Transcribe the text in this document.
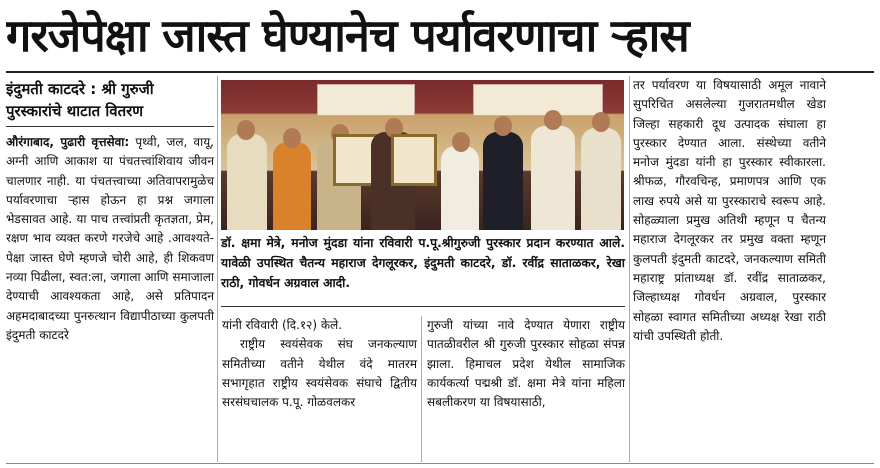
गरजेपेक्षा जास्त घेण्यानेच पर्यावरणाचा ऱ्हास
इंदुमती काटदरे : श्री गुरुजी पुरस्कारांचे थाटात वितरण

औरंगाबाद, पुढारी वृत्तसेवा: पृथ्वी, जल, वायू, अग्नी आणि आकाश या पंचतत्त्वांशिवाय जीवन चालणार नाही. या पंचतत्त्वाच्या अतिवापरामुळेच पर्यावरणाचा ऱ्हास होऊन हा प्रश्न जगाला भेडसावत आहे. या पाच तत्त्वांप्रती कृतज्ञता, प्रेम, रक्षण भाव व्यक्त करणे गरजेचे आहे .आवश्यते-पेक्षा जास्त घेणे म्हणजे चोरी आहे, ही शिकवण नव्या पिढीला, स्वत:ला, जगाला आणि समाजाला देण्याची आवश्यकता आहे, असे प्रतिपादन अहमदाबादच्या पुनरुत्थान विद्यापीठाच्या कुलपती इंदुमती काटदरे

डॉ. क्षमा मेत्रे, मनोज मुंदडा यांना रविवारी प.पू.श्रीगुरुजी पुरस्कार प्रदान करण्यात आले. यावेळी उपस्थित चैतन्य महाराज देगलूरकर, इंदुमती काटदरे, डॉ. रवींद्र साताळकर, रेखा राठी, गोवर्धन अग्रवाल आदी.

यांनी रविवारी (दि.१२) केले.

राष्ट्रीय स्वयंसेवक संघ जनकल्याण समितीच्या वतीने येथील वंदे मातरम सभागृहात राष्ट्रीय स्वयंसेवक संघाचे द्वितीय सरसंघचालक प.पू. गोळवलकर

गुरुजी यांच्या नावे देण्यात येणारा राष्ट्रीय पातळीवरील श्री गुरुजी पुरस्कार सोहळा संपन्न झाला. हिमाचल प्रदेश येथील सामाजिक कार्यकर्त्या पद्मश्री डॉ. क्षमा मेत्रे यांना महिला सबलीकरण या विषयासाठी,

तर पर्यावरण या विषयासाठी अमूल नावाने सुपरिचित असलेल्या गुजरातमधील खेडा जिल्हा सहकारी दूध उत्पादक संघाला हा पुरस्कार देण्यात आला. संस्थेच्या वतीने मनोज मुंदडा यांनी हा पुरस्कार स्वीकारला. श्रीफळ, गौरवचिन्ह, प्रमाणपत्र आणि एक लाख रुपये असे या पुरस्काराचे स्वरूप आहे. सोहळ्याला प्रमुख अतिथी म्हणून प चैतन्य महाराज देगलूरकर तर प्रमुख वक्ता म्हणून कुलपती इंदुमती काटदरे, जनकल्याण समिती महाराष्ट्र प्रांताध्यक्ष डॉ. रवींद्र साताळकर, जिल्हाध्यक्ष गोवर्धन अग्रवाल, पुरस्कार सोहळा स्वागत समितीच्या अध्यक्ष रेखा राठी यांची उपस्थिती होती.
